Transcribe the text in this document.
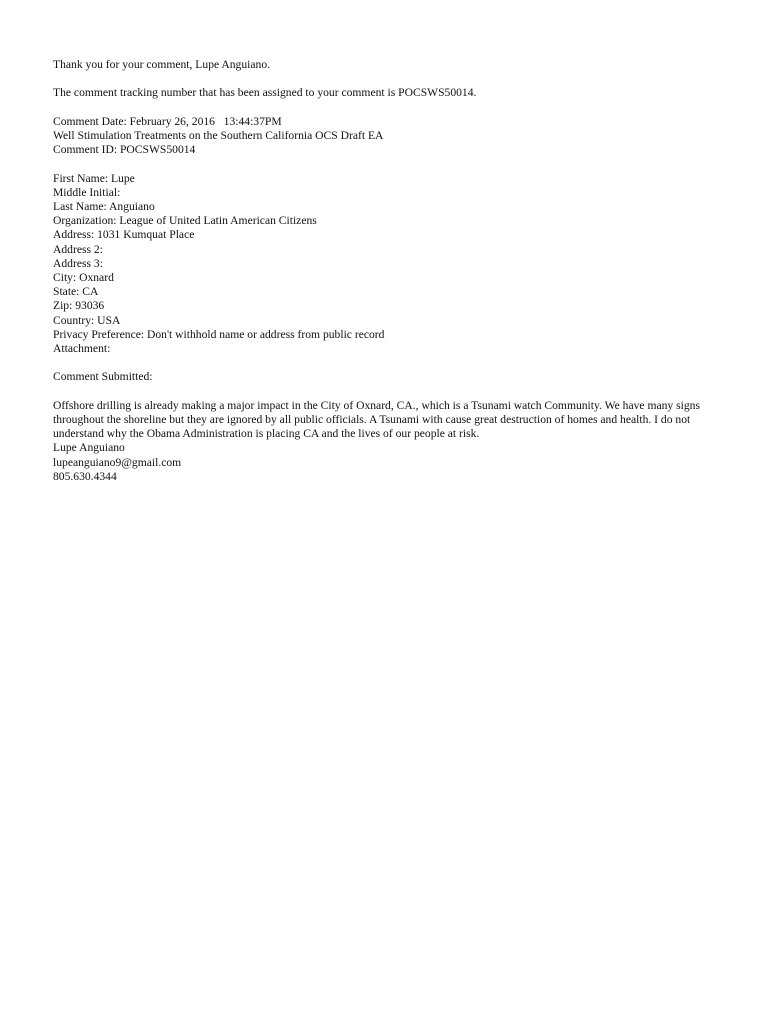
Thank you for your comment, Lupe Anguiano.
The comment tracking number that has been assigned to your comment is POCSWS50014.
Comment Date: February 26, 2016   13:44:37PM
Well Stimulation Treatments on the Southern California OCS Draft EA
Comment ID: POCSWS50014
First Name: Lupe
Middle Initial:
Last Name: Anguiano
Organization: League of United Latin American Citizens
Address: 1031 Kumquat Place
Address 2:
Address 3:
City: Oxnard
State: CA
Zip: 93036
Country: USA
Privacy Preference: Don't withhold name or address from public record
Attachment:
Comment Submitted:
Offshore drilling is already making a major impact in the City of Oxnard, CA., which is a Tsunami watch Community. We have many signs throughout the shoreline but they are ignored by all public officials. A Tsunami with cause great destruction of homes and health. I do not understand why the Obama Administration is placing CA and the lives of our people at risk.
Lupe Anguiano
lupeanguiano9@gmail.com
805.630.4344
